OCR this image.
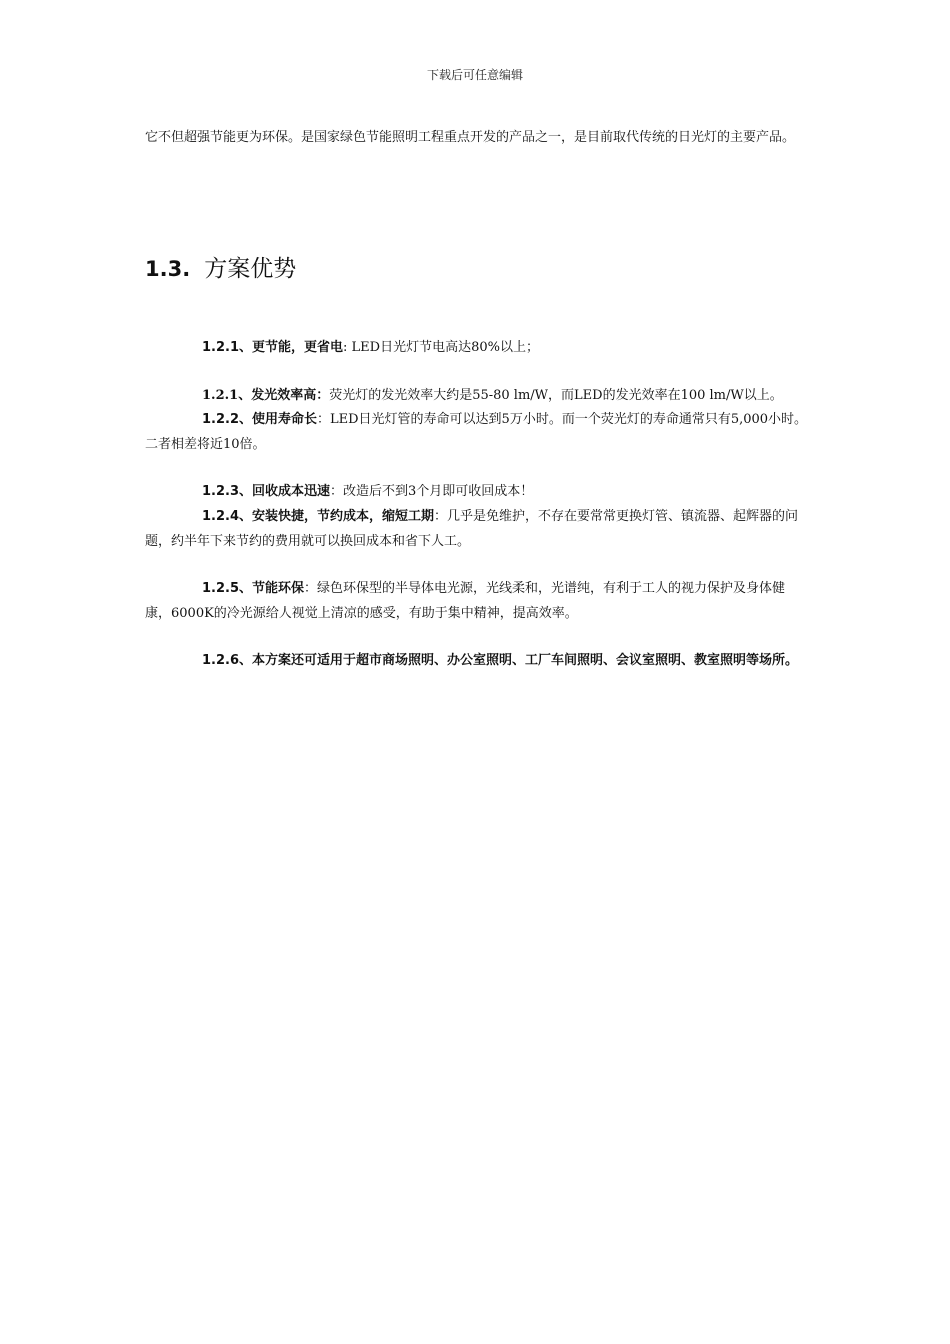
下载后可任意编辑
它不但超强节能更为环保。是国家绿色节能照明工程重点开发的产品之一，是目前取代传统的日光灯的主要产品。
1.3. 方案优势
1.2.1、更节能，更省电: LED日光灯节电高达80%以上；
1.2.1、发光效率高：荧光灯的发光效率大约是55-80 lm/W，而LED的发光效率在100 lm/W以上。
1.2.2、使用寿命长：LED日光灯管的寿命可以达到5万小时。而一个荧光灯的寿命通常只有5,000小时。二者相差将近10倍。
1.2.3、回收成本迅速：改造后不到3个月即可收回成本！
1.2.4、安装快捷，节约成本，缩短工期：几乎是免维护，不存在要常常更换灯管、镇流器、起辉器的问题，约半年下来节约的费用就可以换回成本和省下人工。
1.2.5、节能环保：绿色环保型的半导体电光源，光线柔和，光谱纯，有利于工人的视力保护及身体健康，6000K的冷光源给人视觉上清凉的感受，有助于集中精神，提高效率。
1.2.6、本方案还可适用于超市商场照明、办公室照明、工厂车间照明、会议室照明、教室照明等场所。
